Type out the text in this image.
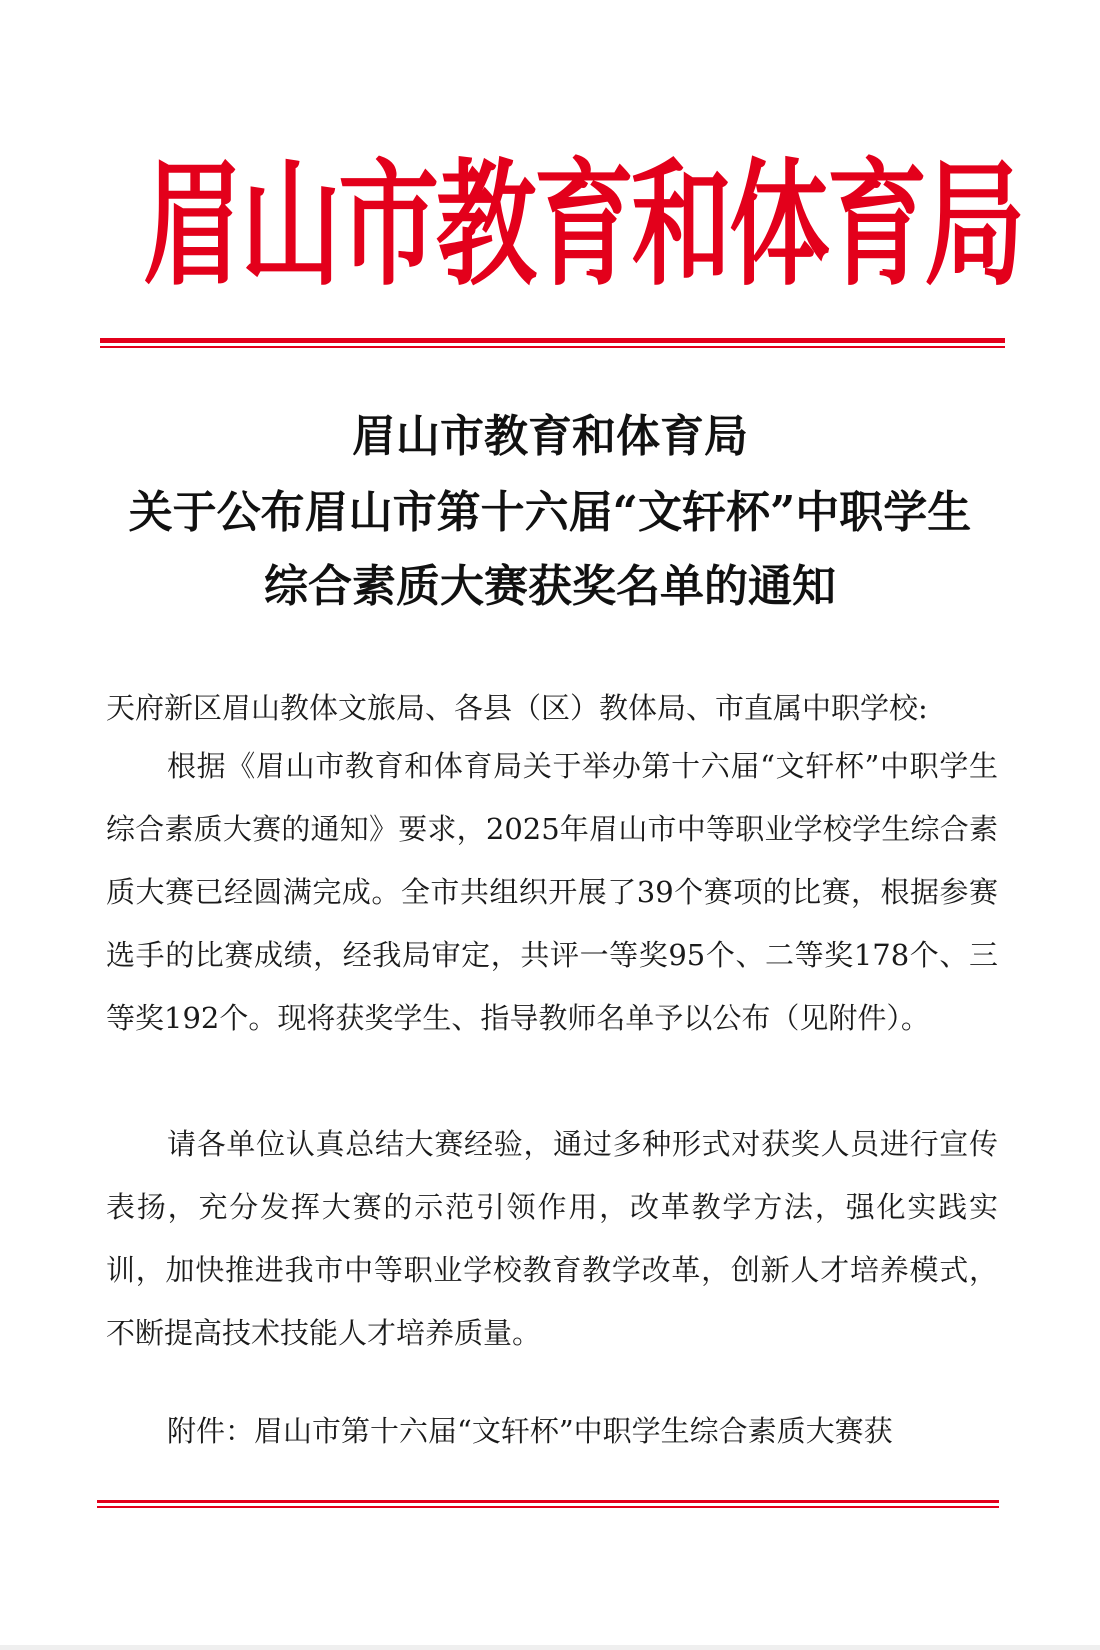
眉山市教育和体育局
眉山市教育和体育局
关于公布眉山市第十六届“文轩杯”中职学生
综合素质大赛获奖名单的通知
天府新区眉山教体文旅局、各县（区）教体局、市直属中职学校:
根据《眉山市教育和体育局关于举办第十六届“文轩杯”中职学生综合素质大赛的通知》要求，2025年眉山市中等职业学校学生综合素质大赛已经圆满完成。全市共组织开展了39个赛项的比赛，根据参赛选手的比赛成绩，经我局审定，共评一等奖95个、二等奖178个、三等奖192个。现将获奖学生、指导教师名单予以公布（见附件）。
请各单位认真总结大赛经验，通过多种形式对获奖人员进行宣传表扬，充分发挥大赛的示范引领作用，改革教学方法，强化实践实训，加快推进我市中等职业学校教育教学改革，创新人才培养模式，不断提高技术技能人才培养质量。
附件：眉山市第十六届“文轩杯”中职学生综合素质大赛获
